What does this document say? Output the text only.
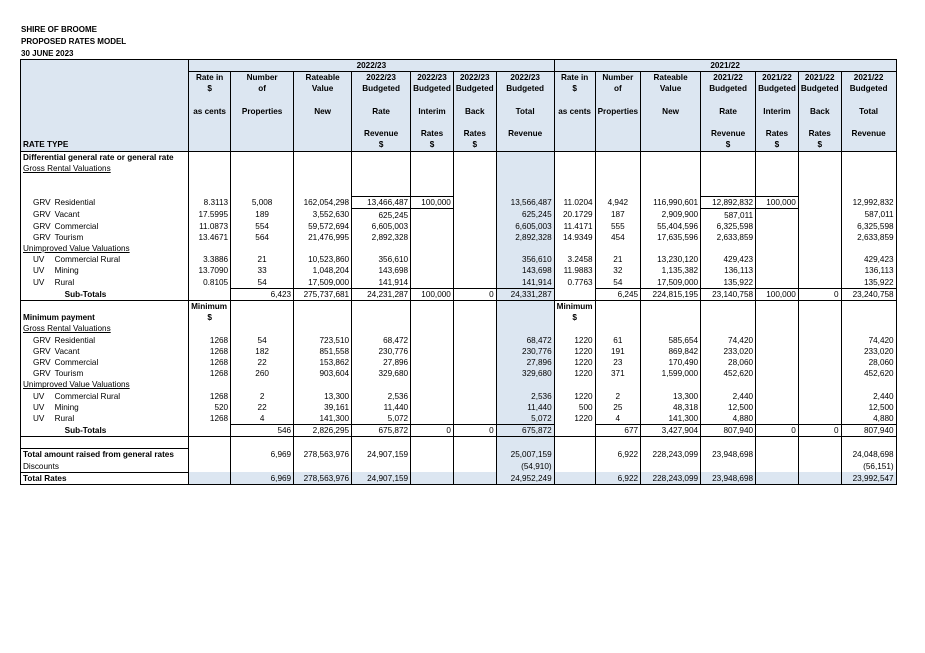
SHIRE OF BROOME
PROPOSED RATES MODEL
30 JUNE 2023
		2022/23							2021/22						
		Rate in	Number	Rateable	2022/23	2022/23	2022/23	2022/23	Rate in	Number	Rateable	2021/22	2021/22	2021/22	2021/22
		$	of	Value	Budgeted	Budgeted	Budgeted	Budgeted	$	of	Value	Budgeted	Budgeted	Budgeted	Budgeted

		as cents	Properties	New	Rate	Interim	Back	Total	as cents	Properties	New	Rate	Interim	Back	Total

					Revenue	Rates	Rates	Revenue				Revenue	Rates	Rates	Revenue
RATE TYPE					$	$	$					$	$	$	
Differential general rate or general rate															
Gross Rental Valuations															

GRV	Residential	8.3113	5,008	162,054,298	13,466,487	100,000		13,566,487	11.0204	4,942	116,990,601	12,892,832	100,000		12,992,832
GRV	Vacant	17.5995	189	3,552,630	625,245			625,245	20.1729	187	2,909,900	587,011			587,011
GRV	Commercial	11.0873	554	59,572,694	6,605,003			6,605,003	11.4171	555	55,404,596	6,325,598			6,325,598
GRV	Tourism	13.4671	564	21,476,995	2,892,328			2,892,328	14.9349	454	17,635,596	2,633,859			2,633,859
Unimproved Value Valuations															
UV	Commercial Rural	3.3886	21	10,523,860	356,610			356,610	3.2458	21	13,230,120	429,423			429,423
UV	Mining	13.7090	33	1,048,204	143,698			143,698	11.9883	32	1,135,382	136,113			136,113
UV	Rural	0.8105	54	17,509,000	141,914			141,914	0.7763	54	17,509,000	135,922			135,922
	Sub-Totals		6,423	275,737,681	24,231,287	100,000	0	24,331,287		6,245	224,815,195	23,140,758	100,000	0	23,240,758
		Minimum							Minimum						
Minimum payment		$							$						
Gross Rental Valuations															
GRV	Residential	1268	54	723,510	68,472			68,472	1220	61	585,654	74,420			74,420
GRV	Vacant	1268	182	851,558	230,776			230,776	1220	191	869,842	233,020			233,020
GRV	Commercial	1268	22	153,862	27,896			27,896	1220	23	170,490	28,060			28,060
GRV	Tourism	1268	260	903,604	329,680			329,680	1220	371	1,599,000	452,620			452,620
Unimproved Value Valuations															
UV	Commercial Rural	1268	2	13,300	2,536			2,536	1220	2	13,300	2,440			2,440
UV	Mining	520	22	39,161	11,440			11,440	500	25	48,318	12,500			12,500
UV	Rural	1268	4	141,300	5,072			5,072	1220	4	141,300	4,880			4,880
	Sub-Totals		546	2,826,295	675,872	0	0	675,872		677	3,427,904	807,940	0	0	807,940

Total amount raised from general rates			6,969	278,563,976	24,907,159			25,007,159		6,922	228,243,099	23,948,698			24,048,698
Discounts								(54,910)							(56,151)
Total Rates			6,969	278,563,976	24,907,159			24,952,249		6,922	228,243,099	23,948,698			23,992,547
